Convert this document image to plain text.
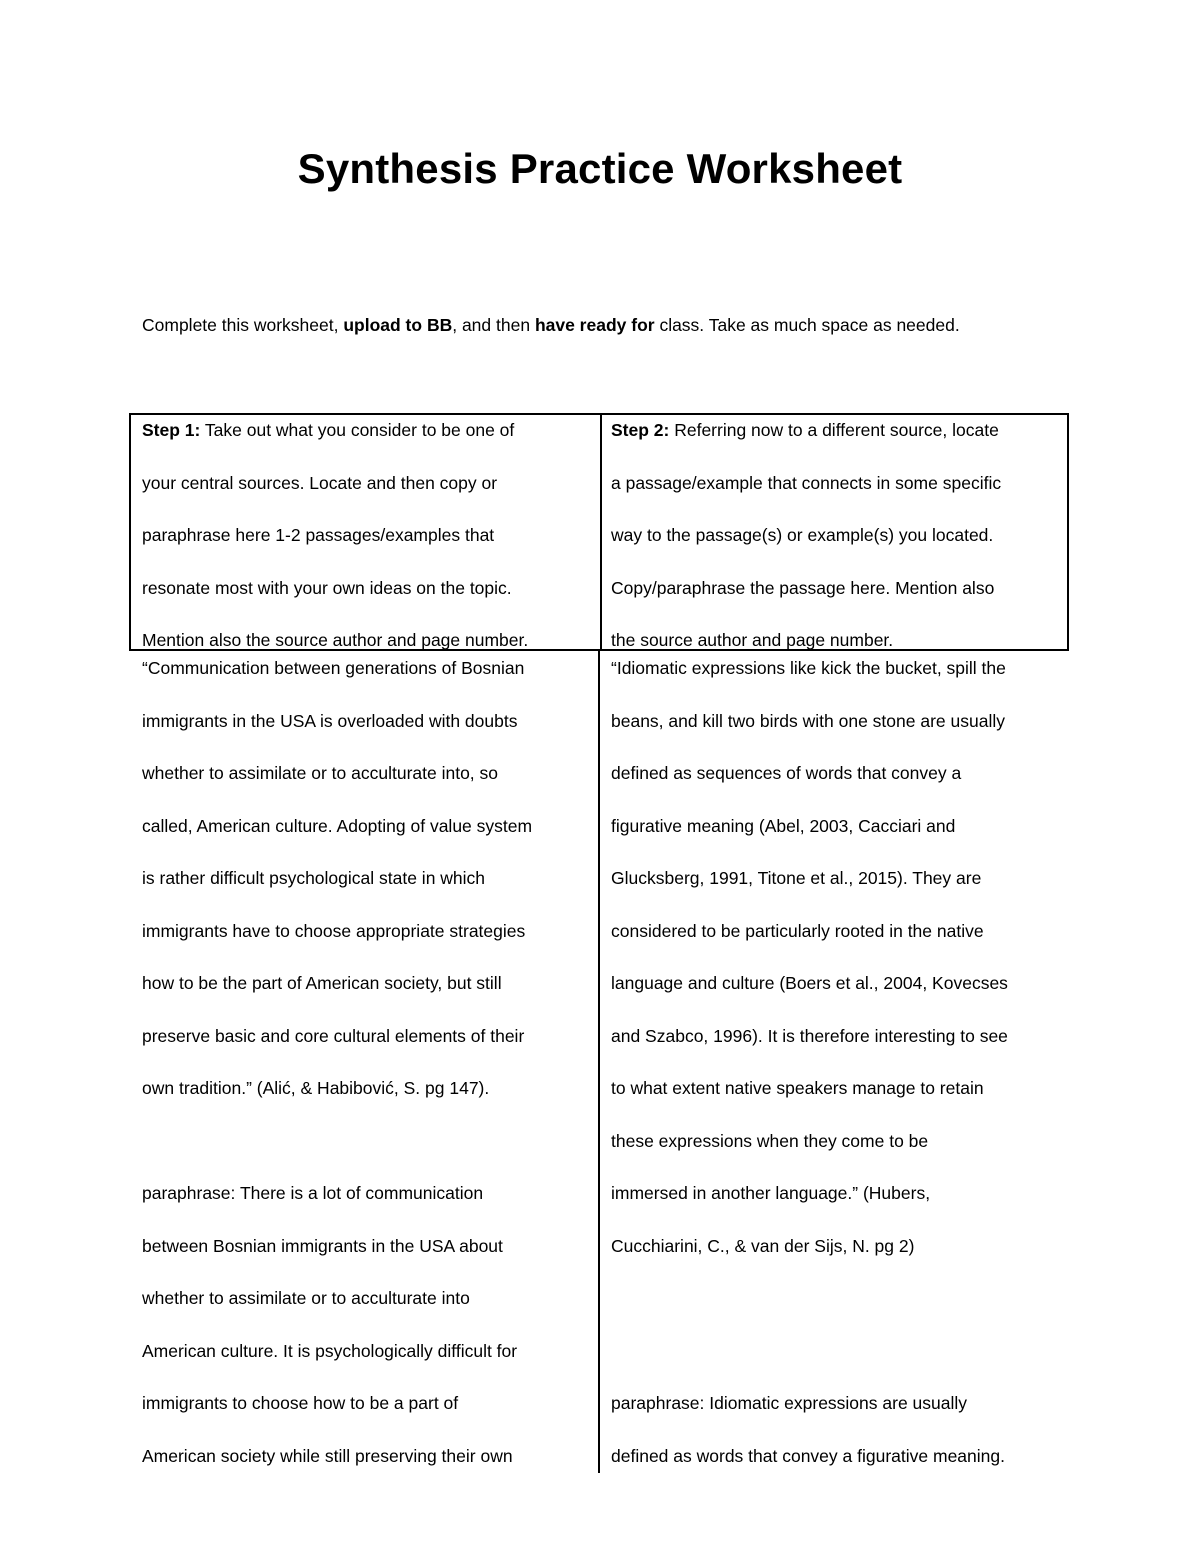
Synthesis Practice Worksheet
Complete this worksheet, upload to BB, and then have ready for class. Take as much space as needed.
Step 1: Take out what you consider to be one of
your central sources. Locate and then copy or
paraphrase here 1-2 passages/examples that
resonate most with your own ideas on the topic.
Mention also the source author and page number.
Step 2: Referring now to a different source, locate
a passage/example that connects in some specific
way to the passage(s) or example(s) you located.
Copy/paraphrase the passage here. Mention also
the source author and page number.
“Communication between generations of Bosnian
immigrants in the USA is overloaded with doubts
whether to assimilate or to acculturate into, so
called, American culture. Adopting of value system
is rather difficult psychological state in which
immigrants have to choose appropriate strategies
how to be the part of American society, but still
preserve basic and core cultural elements of their
own tradition.” (Alić, & Habibović, S. pg 147).
paraphrase: There is a lot of communication
between Bosnian immigrants in the USA about
whether to assimilate or to acculturate into
American culture. It is psychologically difficult for
immigrants to choose how to be a part of
American society while still preserving their own
“Idiomatic expressions like kick the bucket, spill the
beans, and kill two birds with one stone are usually
defined as sequences of words that convey a
figurative meaning (Abel, 2003, Cacciari and
Glucksberg, 1991, Titone et al., 2015). They are
considered to be particularly rooted in the native
language and culture (Boers et al., 2004, Kovecses
and Szabco, 1996). It is therefore interesting to see
to what extent native speakers manage to retain
these expressions when they come to be
immersed in another language.” (Hubers,
Cucchiarini, C., & van der Sijs, N. pg 2)
paraphrase: Idiomatic expressions are usually
defined as words that convey a figurative meaning.
